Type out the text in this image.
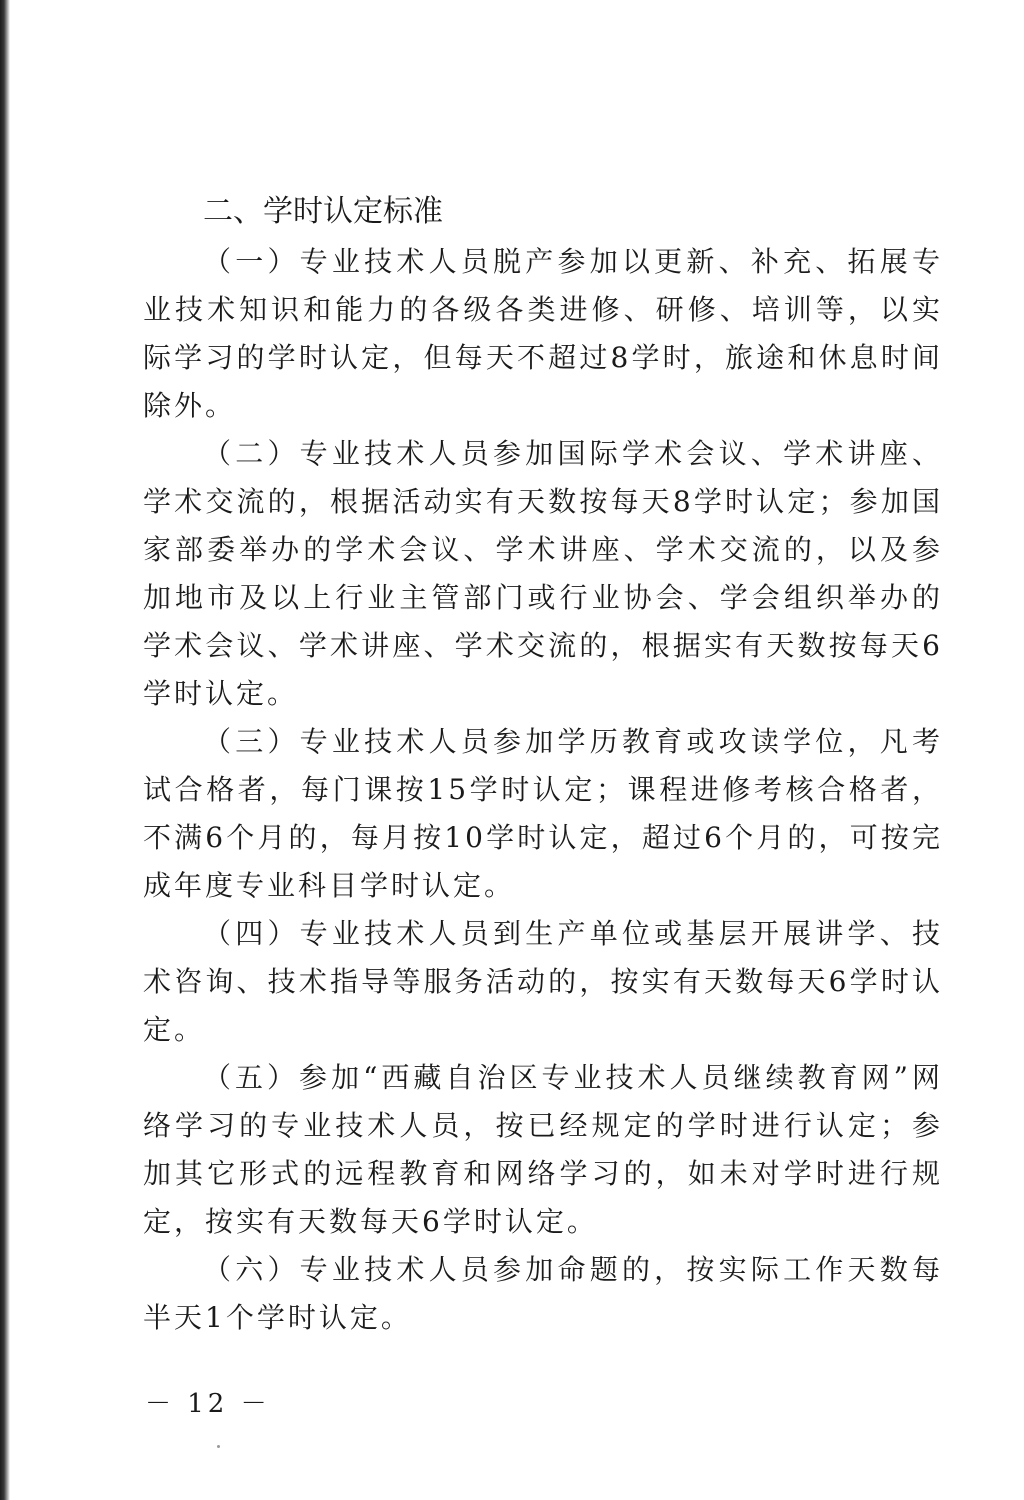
二、学时认定标准

（一）专业技术人员脱产参加以更新、补充、拓展专业技术知识和能力的各级各类进修、研修、培训等，以实际学习的学时认定，但每天不超过8学时，旅途和休息时间除外。

（二）专业技术人员参加国际学术会议、学术讲座、学术交流的，根据活动实有天数按每天8学时认定；参加国家部委举办的学术会议、学术讲座、学术交流的，以及参加地市及以上行业主管部门或行业协会、学会组织举办的学术会议、学术讲座、学术交流的，根据实有天数按每天6学时认定。

（三）专业技术人员参加学历教育或攻读学位，凡考试合格者，每门课按15学时认定；课程进修考核合格者，不满6个月的，每月按10学时认定，超过6个月的，可按完成年度专业科目学时认定。

（四）专业技术人员到生产单位或基层开展讲学、技术咨询、技术指导等服务活动的，按实有天数每天6学时认定。

（五）参加“西藏自治区专业技术人员继续教育网”网络学习的专业技术人员，按已经规定的学时进行认定；参加其它形式的远程教育和网络学习的，如未对学时进行规定，按实有天数每天6学时认定。

（六）专业技术人员参加命题的，按实际工作天数每半天1个学时认定。

－ 12 －
